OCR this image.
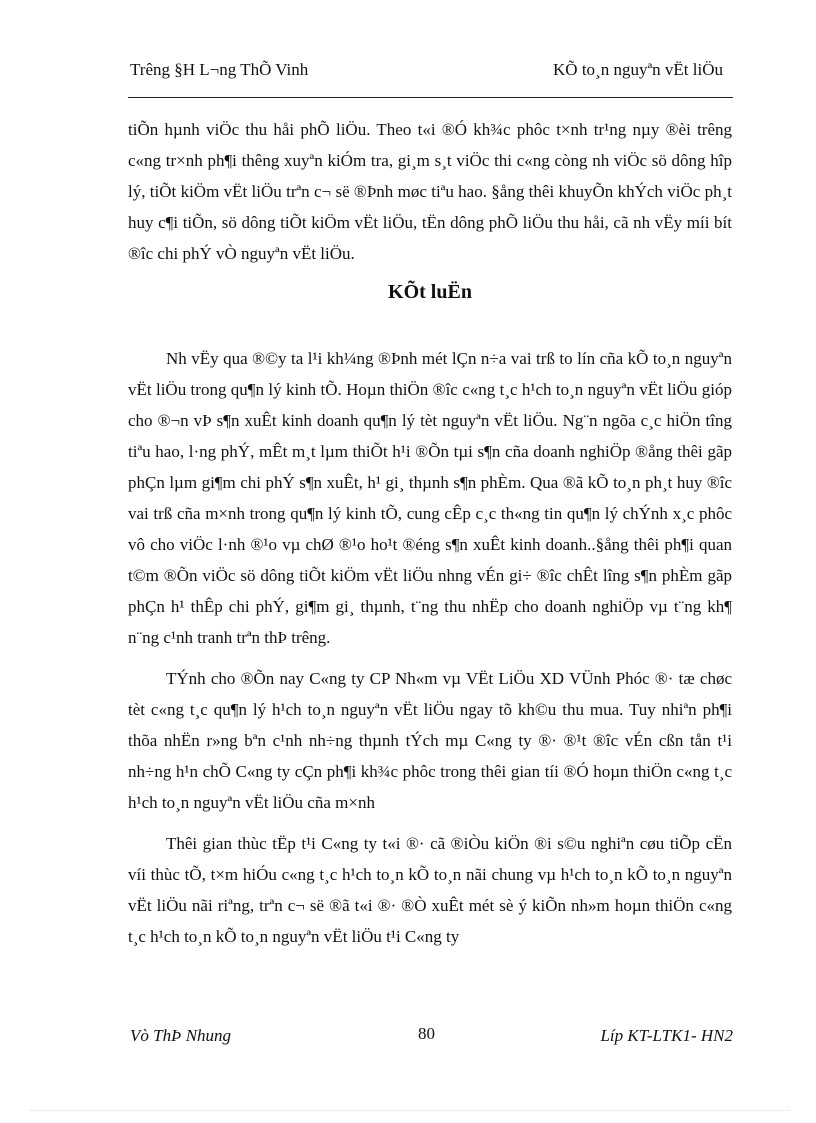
Trêng §H L¬ng ThÕ Vinh	KÕ to¸n nguyªn vËt liÖu

tiÕn hµnh viÖc thu håi phÕ liÖu. Theo t«i ®Ó kh¾c phôc t×nh tr¹ng nµy ®èi trêng c«ng tr×nh ph¶i thêng xuyªn kiÓm tra, gi¸m s¸t viÖc thi c«ng còng nh viÖc sö dông hîp lý, tiÕt kiÖm vËt liÖu trªn c¬ së ®Þnh møc tiªu hao. §ång thêi khuyÕn khÝch viÖc ph¸t huy c¶i tiÕn, sö dông tiÕt kiÖm vËt liÖu, tËn dông phÕ liÖu thu håi, cã nh vËy míi bít ®îc chi phÝ vÒ nguyªn vËt liÖu.

KÕt luËn

Nh vËy qua ®©y ta l¹i kh¼ng ®Þnh mét lÇn n÷a vai trß to lín cña kÕ to¸n nguyªn vËt liÖu trong qu¶n lý kinh tÕ. Hoµn thiÖn ®îc c«ng t¸c h¹ch to¸n nguyªn vËt liÖu gióp cho ®¬n vÞ s¶n xuÊt kinh doanh qu¶n lý tèt nguyªn vËt liÖu. Ng¨n ngõa c¸c hiÖn tîng tiªu hao, l·ng phÝ, mÊt m¸t lµm thiÕt h¹i ®Õn tµi s¶n cña doanh nghiÖp ®ång thêi gãp phÇn lµm gi¶m chi phÝ s¶n xuÊt, h¹ gi¸ thµnh s¶n phÈm. Qua ®ã kÕ to¸n ph¸t huy ®îc vai trß cña m×nh trong qu¶n lý kinh tÕ, cung cÊp c¸c th«ng tin qu¶n lý chÝnh x¸c phôc vô cho viÖc l·nh ®¹o vµ chØ ®¹o ho¹t ®éng s¶n xuÊt kinh doanh..§ång thêi ph¶i quan t©m ®Õn viÖc sö dông tiÕt kiÖm vËt liÖu nhng vÉn gi÷ ®îc chÊt lîng s¶n phÈm gãp phÇn h¹ thÊp chi phÝ, gi¶m gi¸ thµnh, t¨ng thu nhËp cho doanh nghiÖp vµ t¨ng kh¶ n¨ng c¹nh tranh trªn thÞ trêng.

TÝnh cho ®Õn nay C«ng ty CP Nh«m vµ VËt LiÖu XD VÜnh Phóc ®· tæ chøc tèt c«ng t¸c qu¶n lý h¹ch to¸n nguyªn vËt liÖu ngay tõ kh©u thu mua. Tuy nhiªn ph¶i thõa nhËn r»ng bªn c¹nh nh÷ng thµnh tÝch mµ C«ng ty ®· ®¹t ®îc vÉn cßn tån t¹i nh÷ng h¹n chÕ C«ng ty cÇn ph¶i kh¾c phôc trong thêi gian tíi ®Ó hoµn thiÖn c«ng t¸c h¹ch to¸n nguyªn vËt liÖu cña m×nh

Thêi gian thùc tËp t¹i C«ng ty t«i ®· cã ®iÒu kiÖn ®i s©u nghiªn cøu tiÕp cËn víi thùc tÕ, t×m hiÓu c«ng t¸c h¹ch to¸n kÕ to¸n nãi chung vµ h¹ch to¸n kÕ to¸n nguyªn vËt liÖu nãi riªng, trªn c¬ së ®ã t«i ®· ®Ò xuÊt mét sè ý kiÕn nh»m hoµn thiÖn c«ng t¸c h¹ch to¸n kÕ to¸n nguyªn vËt liÖu t¹i C«ng ty

Vò ThÞ Nhung	80	Líp KT-LTK1- HN2
